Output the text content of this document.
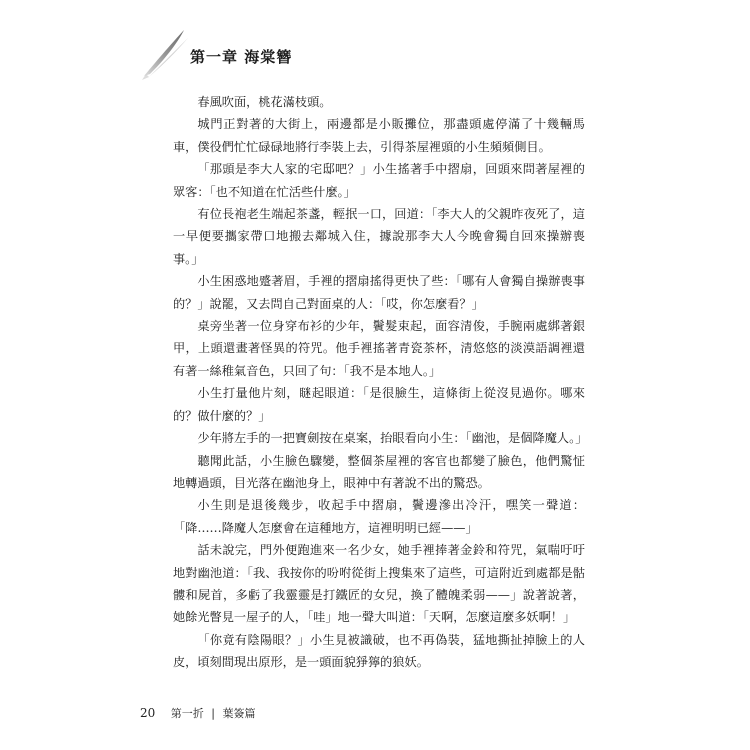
第一章 海棠簪

春風吹面，桃花滿枝頭。

城門正對著的大街上，兩邊都是小販攤位，那盡頭處停滿了十幾輛馬車，僕役們忙忙碌碌地將行李裝上去，引得茶屋裡頭的小生頻頻側目。

「那頭是李大人家的宅邸吧？」小生搖著手中摺扇，回頭來問著屋裡的眾客：「也不知道在忙活些什麼。」

有位長袍老生端起茶盞，輕抿一口，回道：「李大人的父親昨夜死了，這一早便要攜家帶口地搬去鄰城入住，據說那李大人今晚會獨自回來操辦喪事。」

小生困惑地蹙著眉，手裡的摺扇搖得更快了些：「哪有人會獨自操辦喪事的？」說罷，又去問自己對面桌的人：「哎，你怎麼看？」

桌旁坐著一位身穿布衫的少年，鬢髮束起，面容清俊，手腕兩處綁著銀甲，上頭還畫著怪異的符咒。他手裡搖著青瓷茶杯，清悠悠的淡漠語調裡還有著一絲稚氣音色，只回了句：「我不是本地人。」

小生打量他片刻，瞇起眼道：「是很臉生，這條街上從沒見過你。哪來的？做什麼的？」

少年將左手的一把寶劍按在桌案，抬眼看向小生：「幽池，是個降魔人。」

聽聞此話，小生臉色驟變，整個茶屋裡的客官也都變了臉色，他們驚怔地轉過頭，目光落在幽池身上，眼神中有著說不出的驚恐。

小生則是退後幾步，收起手中摺扇，鬢邊滲出冷汗，嘿笑一聲道：「降……降魔人怎麼會在這種地方，這裡明明已經——」

話未說完，門外便跑進來一名少女，她手裡捧著金鈴和符咒，氣喘吁吁地對幽池道：「我、我按你的吩咐從街上搜集來了這些，可這附近到處都是骷髏和屍首，多虧了我靈靈是打鐵匠的女兒，換了體魄柔弱——」說著說著，她餘光瞥見一屋子的人，「哇」地一聲大叫道：「天啊，怎麼這麼多妖啊！」

「你竟有陰陽眼？」小生見被識破，也不再偽裝，猛地撕扯掉臉上的人皮，頃刻間現出原形，是一頭面貌猙獰的狼妖。

20 第一折 | 葉簽篇
